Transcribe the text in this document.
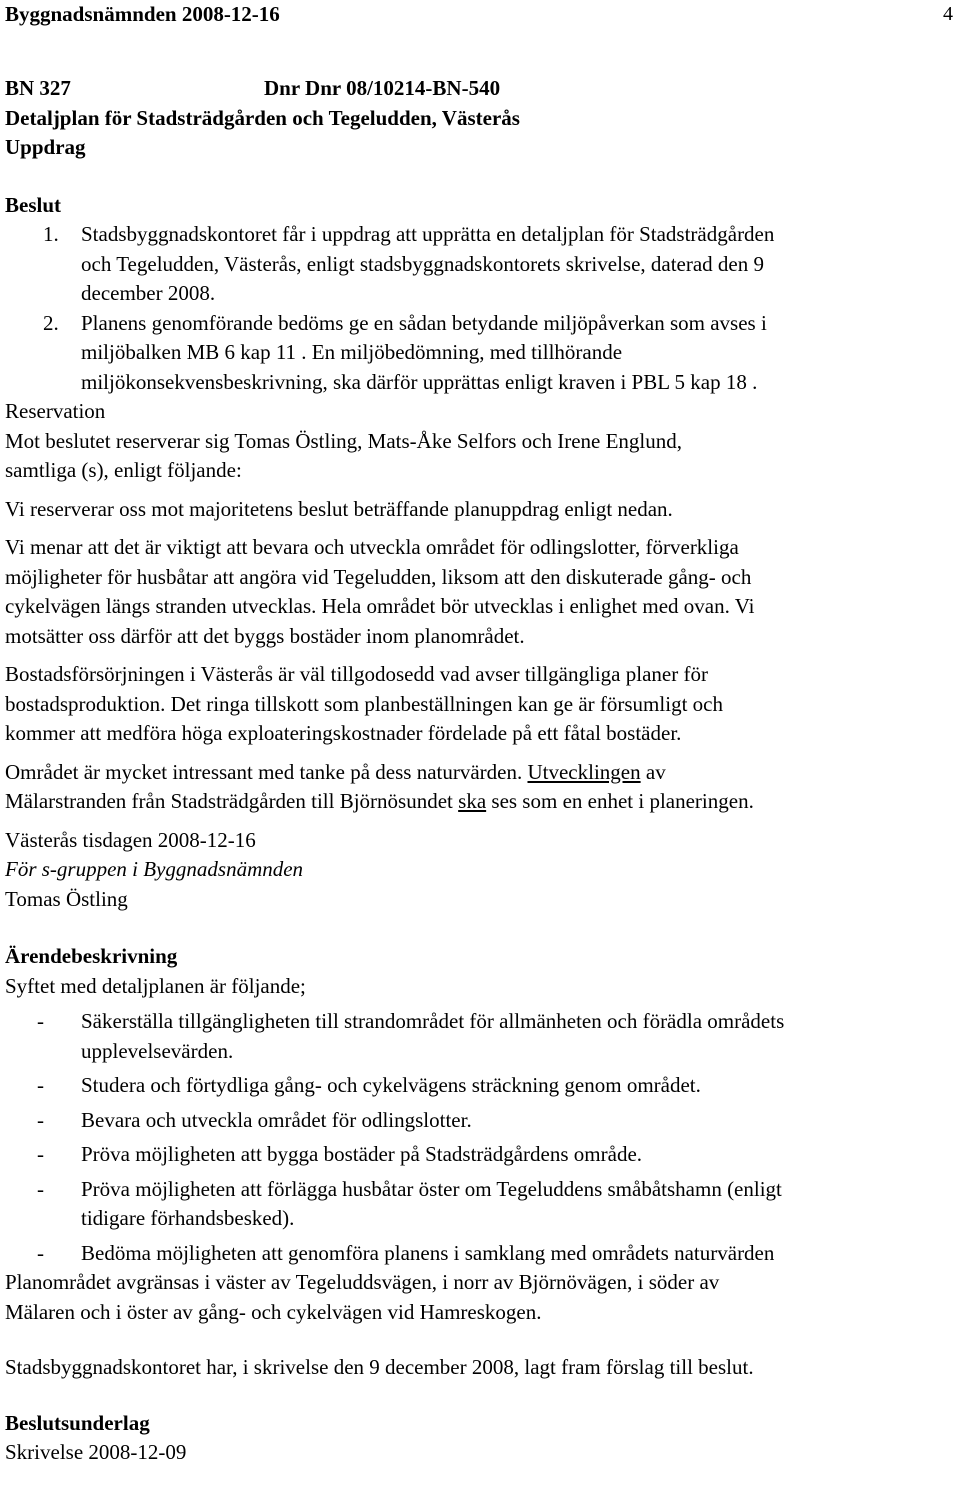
Byggnadsnämnden 2008-12-16	4
BN 327	Dnr Dnr 08/10214-BN-540
Detaljplan för Stadsträdgården och Tegeludden, Västerås
Uppdrag
Beslut
1. Stadsbyggnadskontoret får i uppdrag att upprätta en detaljplan för Stadsträdgården
och Tegeludden, Västerås, enligt stadsbyggnadskontorets skrivelse, daterad den 9
december 2008.
2. Planens genomförande bedöms ge en sådan betydande miljöpåverkan som avses i
miljöbalken MB 6 kap 11 . En miljöbedömning, med tillhörande
miljökonsekvensbeskrivning, ska därför upprättas enligt kraven i PBL 5 kap 18 .
Reservation
Mot beslutet reserverar sig Tomas Östling, Mats-Åke Selfors och Irene Englund,
samtliga (s), enligt följande:
Vi reserverar oss mot majoritetens beslut beträffande planuppdrag enligt nedan.
Vi menar att det är viktigt att bevara och utveckla området för odlingslotter, förverkliga
möjligheter för husbåtar att angöra vid Tegeludden, liksom att den diskuterade gång- och
cykelvägen längs stranden utvecklas. Hela området bör utvecklas i enlighet med ovan. Vi
motsätter oss därför att det byggs bostäder inom planområdet.
Bostadsförsörjningen i Västerås är väl tillgodosedd vad avser tillgängliga planer för
bostadsproduktion. Det ringa tillskott som planbeställningen kan ge är försumligt och
kommer att medföra höga exploateringskostnader fördelade på ett fåtal bostäder.
Området är mycket intressant med tanke på dess naturvärden. Utvecklingen av
Mälarstranden från Stadsträdgården till Björnösundet ska ses som en enhet i planeringen.
Västerås tisdagen 2008-12-16
För s-gruppen i Byggnadsnämnden
Tomas Östling
Ärendebeskrivning
Syftet med detaljplanen är följande;
- Säkerställa tillgängligheten till strandområdet för allmänheten och förädla områdets
upplevelsevärden.
- Studera och förtydliga gång- och cykelvägens sträckning genom området.
- Bevara och utveckla området för odlingslotter.
- Pröva möjligheten att bygga bostäder på Stadsträdgårdens område.
- Pröva möjligheten att förlägga husbåtar öster om Tegeluddens småbåtshamn (enligt
tidigare förhandsbesked).
- Bedöma möjligheten att genomföra planens i samklang med områdets naturvärden
Planområdet avgränsas i väster av Tegeluddsvägen, i norr av Björnövägen, i söder av
Mälaren och i öster av gång- och cykelvägen vid Hamreskogen.
Stadsbyggnadskontoret har, i skrivelse den 9 december 2008, lagt fram förslag till beslut.
Beslutsunderlag
Skrivelse 2008-12-09
